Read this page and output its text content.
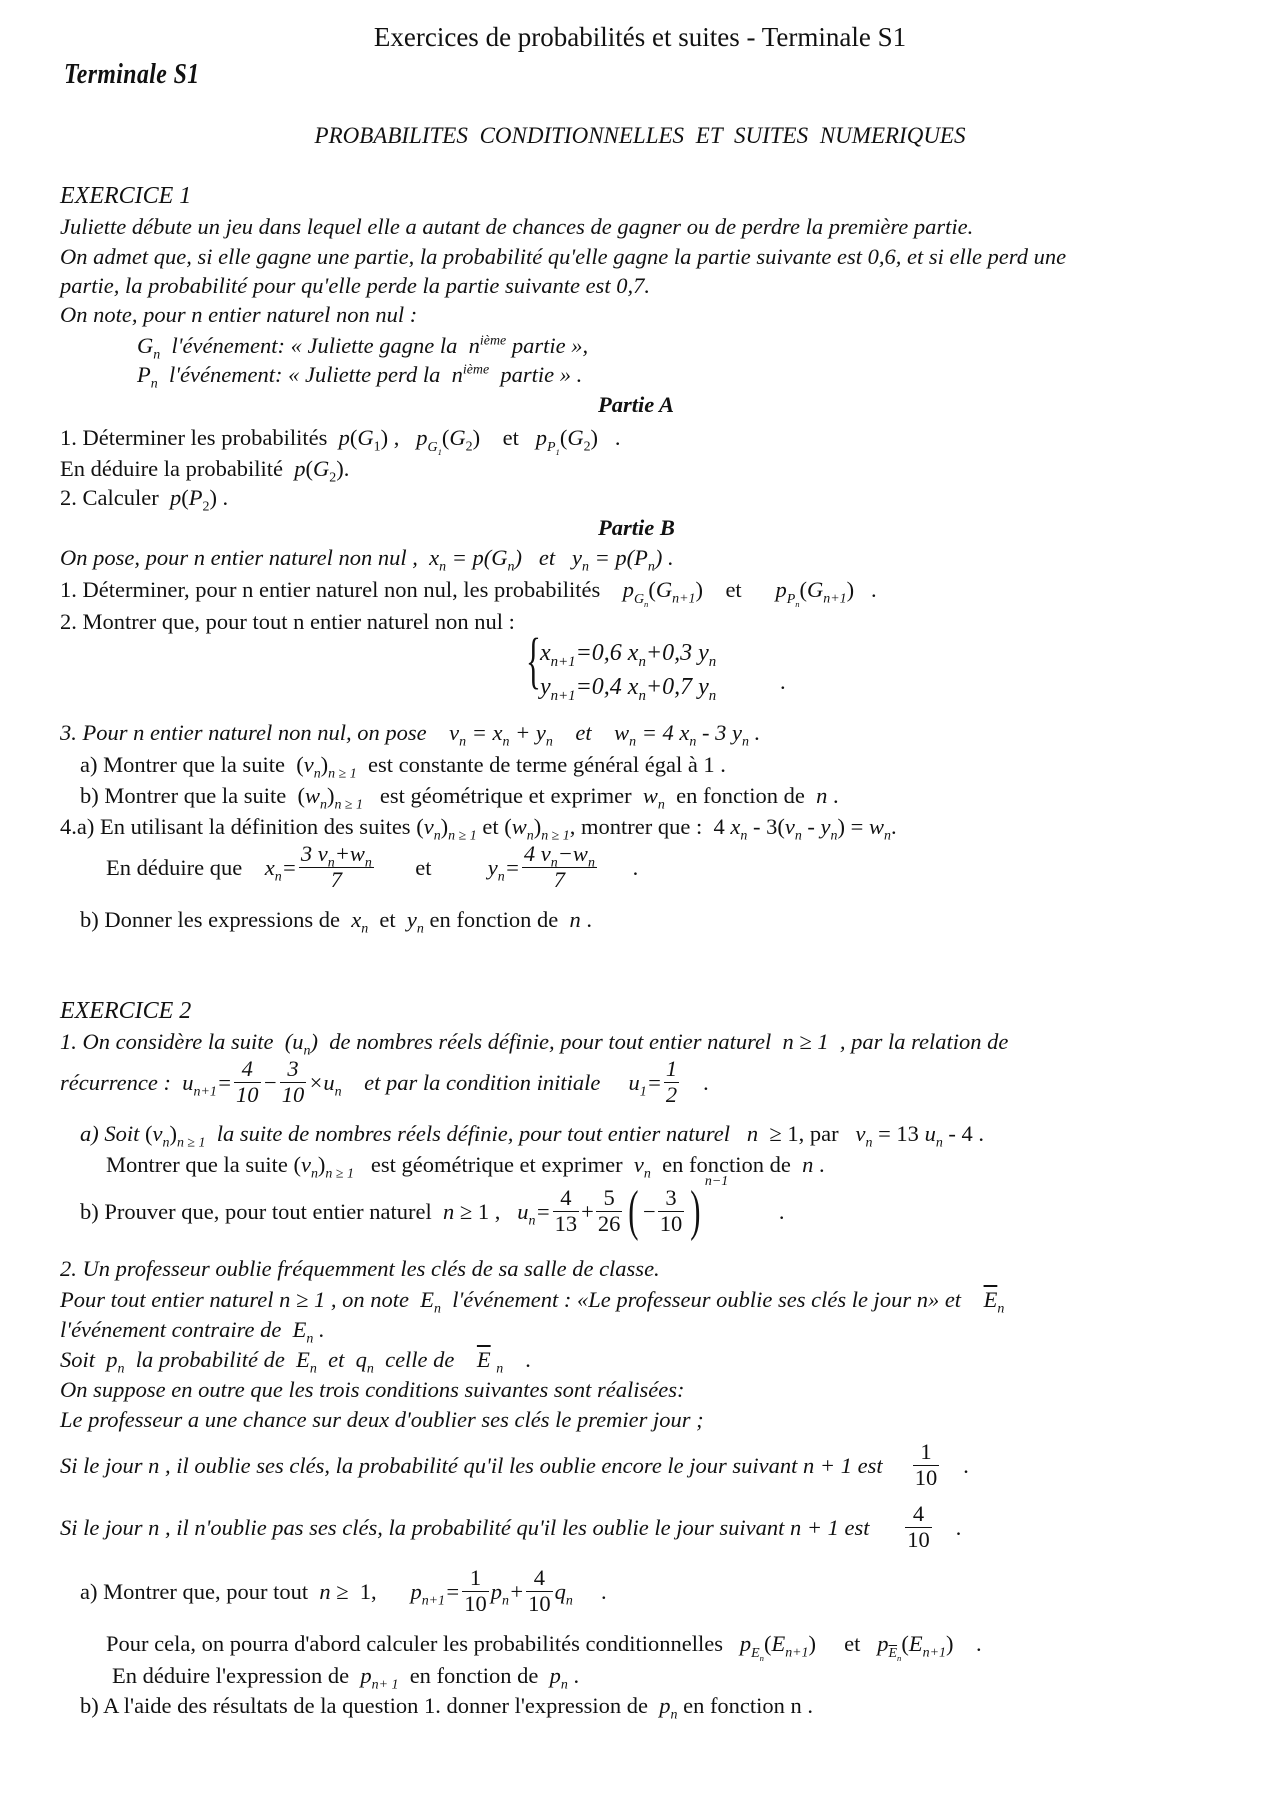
Exercices de probabilités et suites - Terminale S1
Terminale S1
PROBABILITES CONDITIONNELLES ET SUITES NUMERIQUES
EXERCICE 1
Juliette débute un jeu dans lequel elle a autant de chances de gagner ou de perdre la première partie.
On admet que, si elle gagne une partie, la probabilité qu'elle gagne la partie suivante est 0,6, et si elle perd une
partie, la probabilité pour qu'elle perde la partie suivante est 0,7.
On note, pour n entier naturel non nul :
$G_n$ l'événement: « Juliette gagne la  $n^{ième}$ partie »,
$P_n$ l'événement: « Juliette perd la  $n^{ième}$ partie » .
Partie A
1. Déterminer les probabilités $p(G_1)$ ,   $p_{G_1}(G_2)$    et $p_{P_1}(G_2)$   .
En déduire la probabilité $p(G_2)$.
2. Calculer $p(P_2)$ .
Partie B
On pose, pour n entier naturel non nul ,  $x_n = p(G_n)$   et   $y_n = p(P_n)$ .
1. Déterminer, pour n entier naturel non nul, les probabilités $p_{G_n}(G_{n+1})$    et $p_{P_n}(G_{n+1})$   .
2. Montrer que, pour tout n entier naturel non nul :
{ $x_{n+1}=0,6$ $x_n+0,3$ $y_n$
$y_{n+1}=0,4$ $x_n+0,7$ $y_n$
.
3. Pour n entier naturel non nul, on pose    $v_n = x_n + y_n$    et    $w_n = 4$ $x_n - 3$ $y_n$ .
a) Montrer que la suite  $(v_n)_{n \ge 1}$ est constante de terme général égal à 1 .
b) Montrer que la suite  $(w_n)_{n \ge 1}$ est géométrique et exprimer $w_n$ en fonction de n .
4.a) En utilisant la définition des suites $(v_n)_{n \ge 1}$ et $(w_n)_{n \ge 1}$, montrer que :  4 $x_n - 3(v_n - y_n) = w_n$.
En déduire que $x_n= \frac{3 v_n+w_n}{7}$ et	$y_n= \frac{4 v_n-w_n}{7}$ .
b) Donner les expressions de $x_n$ et $y_n$ en fonction de n .
EXERCICE 2
1. On considère la suite  $(u_n)$  de nombres réels définie, pour tout entier naturel  n ≥ 1  , par la relation de
récurrence : $u_{n+1}= \frac{4}{10} - \frac{3}{10} \times u_n$ et par la condition initiale $u_1= \frac{1}{2}$ .
a) Soit $(v_n)_{n \ge 1}$ la suite de nombres réels définie, pour tout entier naturel n  ≥ 1, par $v_n = 13$ $u_n - 4$ .
Montrer que la suite $(v_n)_{n \ge 1}$ est géométrique et exprimer $v_n$ en fonction de n .
b) Prouver que, pour tout entier naturel n ≥ 1 ,   $u_n= \frac{4}{13} + \frac{5}{26}$ ( − $\frac{3}{10}$ ) $^{n-1}$         .
2. Un professeur oublie fréquemment les clés de sa salle de classe.
Pour tout entier naturel n ≥ 1 , on note  $E_n$ l'événement : «Le professeur oublie ses clés le jour n» et $\overline{E}_n$
l'événement contraire de  $E_n$ .
Soit  $p_n$ la probabilité de  $E_n$ et  $q_n$ celle de $\overline{E}$ $_n$    .
On suppose en outre que les trois conditions suivantes sont réalisées:
Le professeur a une chance sur deux d'oublier ses clés le premier jour ;
Si le jour n , il oublie ses clés, la probabilité qu'il les oublie encore le jour suivant n + 1 est $\frac{1}{10}$ .
Si le jour n , il n'oublie pas ses clés, la probabilité qu'il les oublie le jour suivant n + 1 est $\frac{4}{10}$ .
a) Montrer que, pour tout n ≥  1,      $p_{n+1}= \frac{1}{10} p_n+ \frac{4}{10} q_n$ .
Pour cela, on pourra d'abord calculer les probabilités conditionnelles $p_{E_n}(E_{n+1})$     et $p_{\overline{E}_n}(E_{n+1})$    .
En déduire l'expression de $p_{n+ 1}$ en fonction de $p_n$ .
b) A l'aide des résultats de la question 1. donner l'expression de $p_n$ en fonction n .
